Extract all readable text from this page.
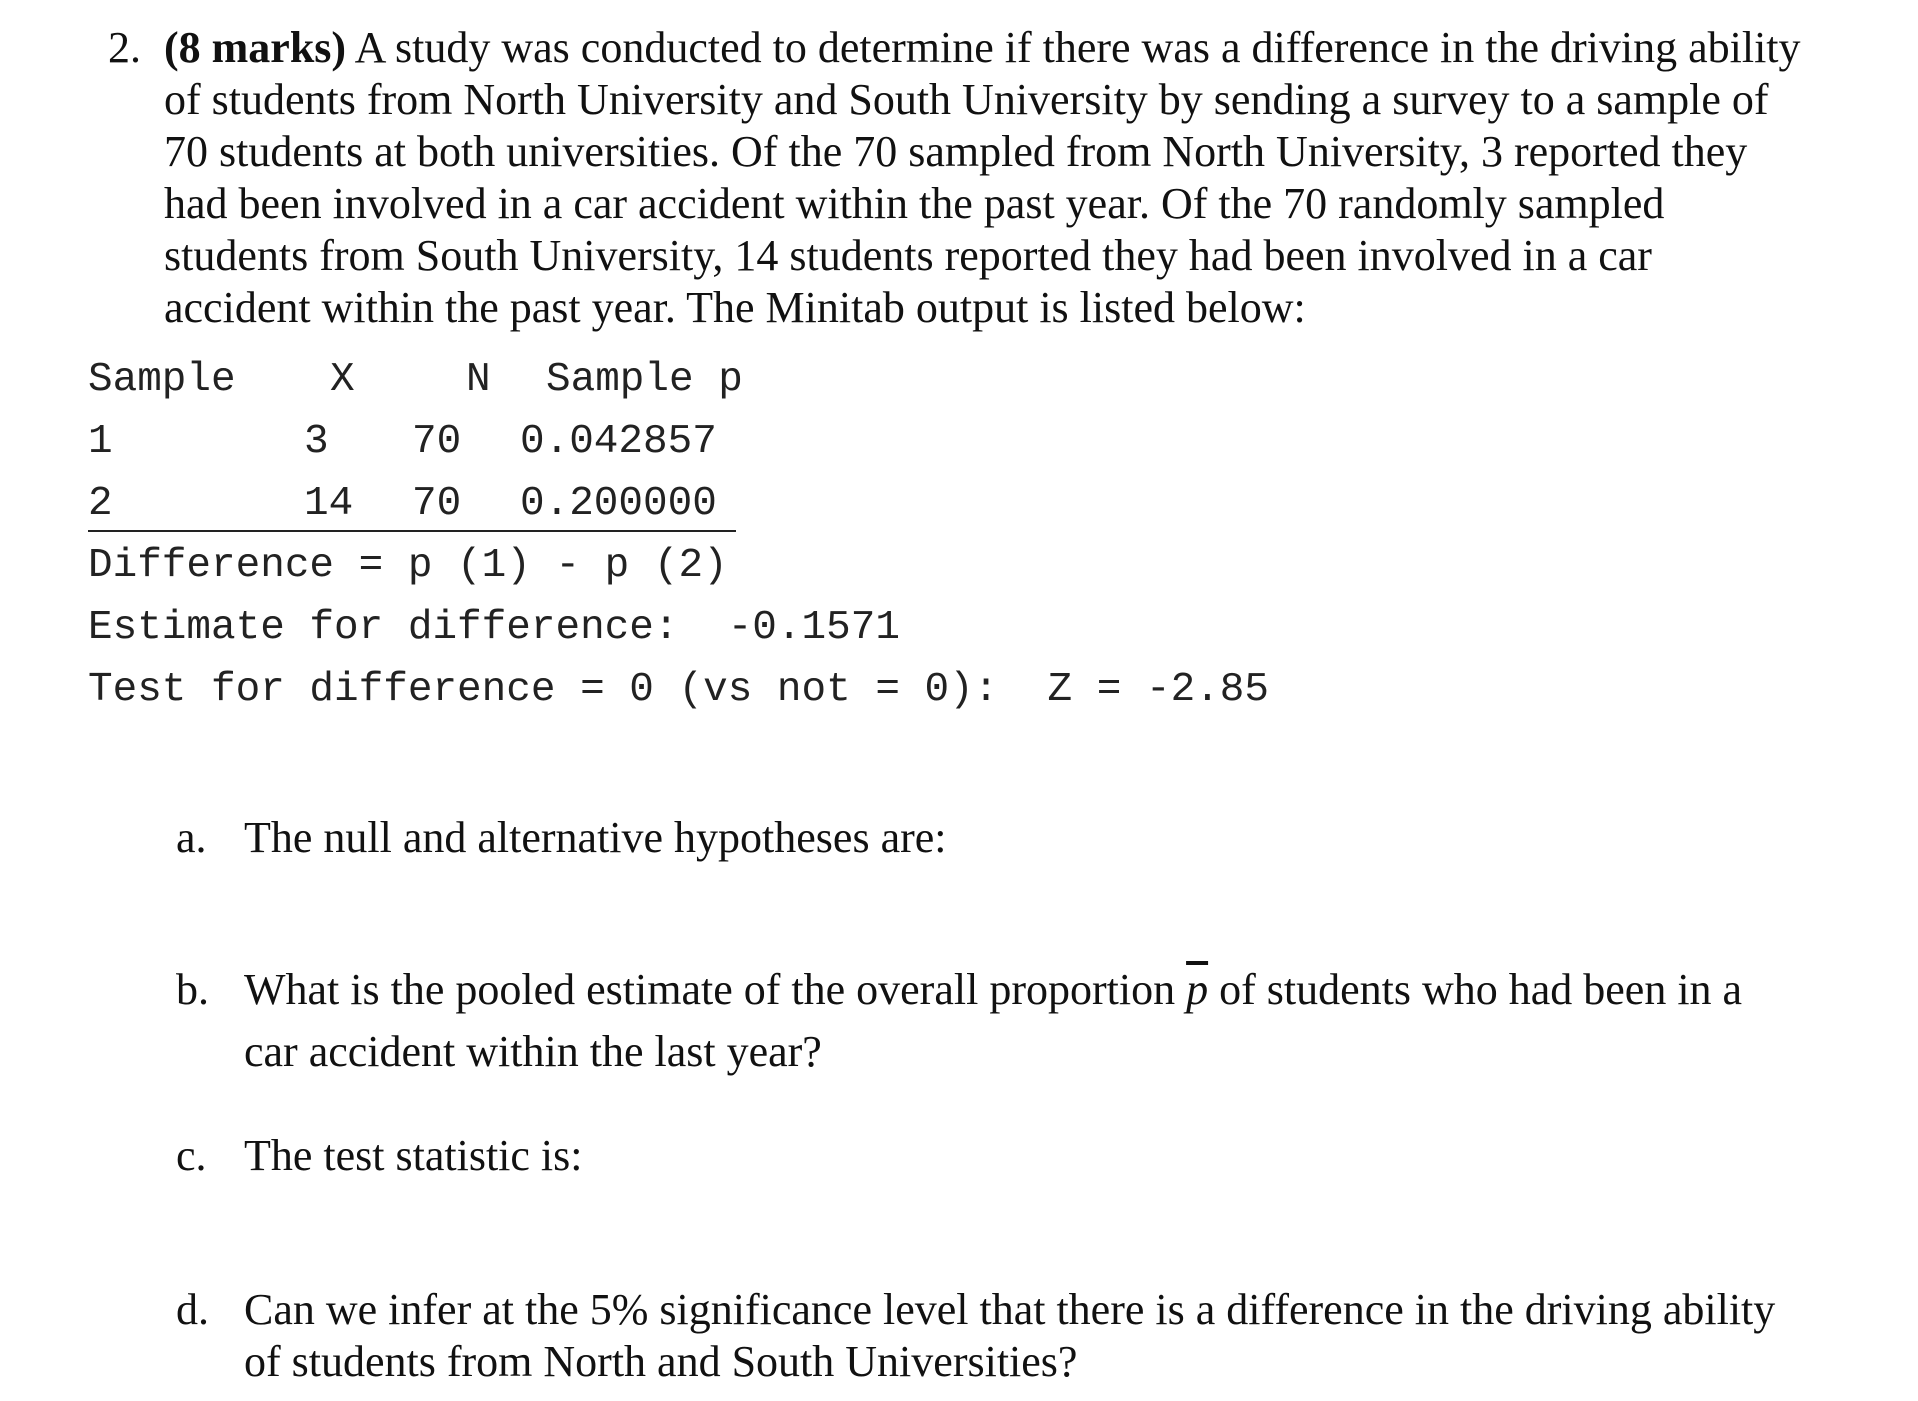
2. (8 marks) A study was conducted to determine if there was a difference in the driving ability
of students from North University and South University by sending a survey to a sample of
70 students at both universities. Of the 70 sampled from North University, 3 reported they
had been involved in a car accident within the past year. Of the 70 randomly sampled
students from South University, 14 students reported they had been involved in a car
accident within the past year. The Minitab output is listed below:
Sample X	N Sample p
1	3 70 0.042857
2	14 70 0.200000
Difference = p (1) - p (2)
Estimate for difference:  -0.1571
Test for difference = 0 (vs not = 0):  Z = -2.85
a. The null and alternative hypotheses are:
b. What is the pooled estimate of the overall proportion $\overline{p}$ of students who had been in a
car accident within the last year?
c. The test statistic is:
d. Can we infer at the 5% significance level that there is a difference in the driving ability
of students from North and South Universities?
